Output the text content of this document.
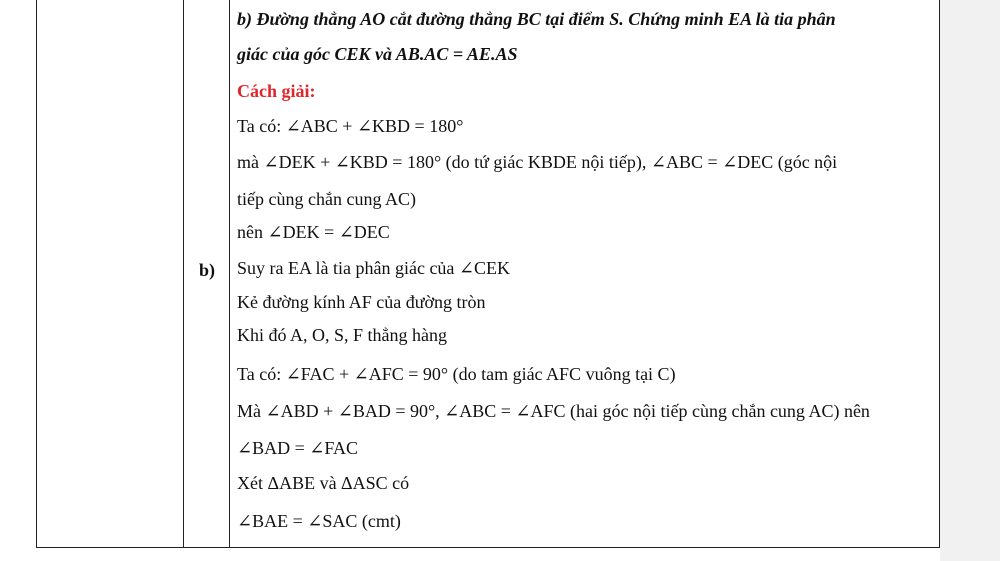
b)
b) Đường thẳng AO cắt đường thẳng BC tại điểm S. Chứng minh EA là tia phân
giác của góc CEK và AB.AC = AE.AS
Cách giải:
Ta có: ∠ABC + ∠KBD = 180°
mà ∠DEK + ∠KBD = 180° (do tứ giác KBDE nội tiếp), ∠ABC = ∠DEC (góc nội
tiếp cùng chắn cung AC)
nên ∠DEK = ∠DEC
Suy ra EA là tia phân giác của ∠CEK
Kẻ đường kính AF của đường tròn
Khi đó A, O, S, F thẳng hàng
Ta có: ∠FAC + ∠AFC = 90° (do tam giác AFC vuông tại C)
Mà ∠ABD + ∠BAD = 90°, ∠ABC = ∠AFC (hai góc nội tiếp cùng chắn cung AC) nên
∠BAD = ∠FAC
Xét ΔABE và ΔASC có
∠BAE = ∠SAC (cmt)
